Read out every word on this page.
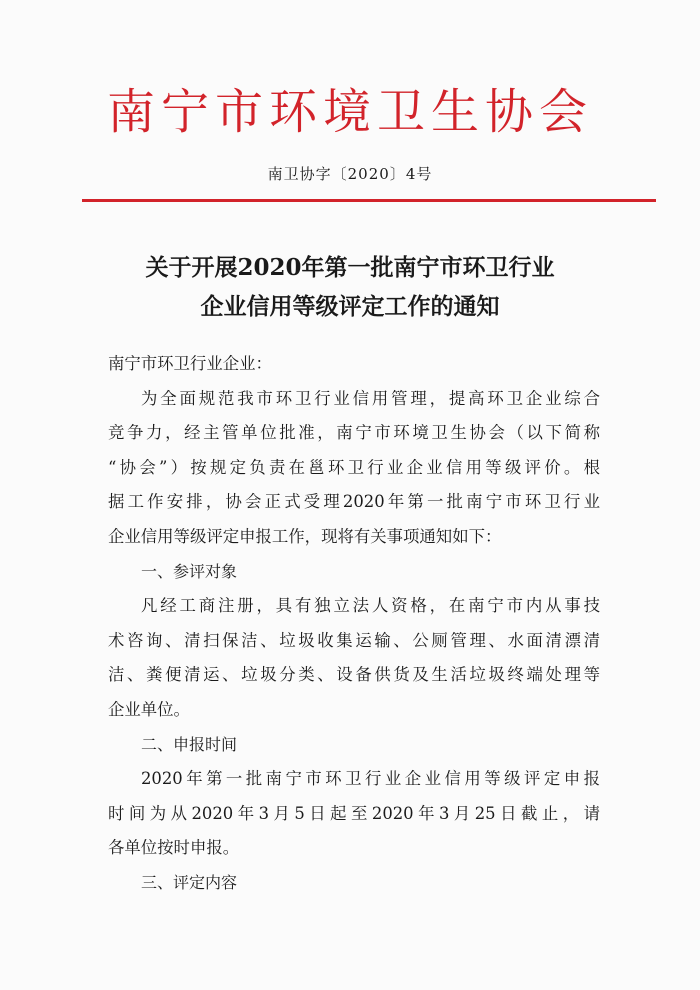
南宁市环境卫生协会
南卫协字〔2020〕4号
关于开展2020年第一批南宁市环卫行业
企业信用等级评定工作的通知
南宁市环卫行业企业：
为全面规范我市环卫行业信用管理，提高环卫企业综合
竞争力，经主管单位批准，南宁市环境卫生协会（以下简称
“协会”）按规定负责在邕环卫行业企业信用等级评价。根
据工作安排，协会正式受理2020年第一批南宁市环卫行业
企业信用等级评定申报工作，现将有关事项通知如下：
一、参评对象
凡经工商注册，具有独立法人资格，在南宁市内从事技
术咨询、清扫保洁、垃圾收集运输、公厕管理、水面清漂清
洁、粪便清运、垃圾分类、设备供货及生活垃圾终端处理等
企业单位。
二、申报时间
2020年第一批南宁市环卫行业企业信用等级评定申报
时间为从2020年3月5日起至2020年3月25日截止，请
各单位按时申报。
三、评定内容
